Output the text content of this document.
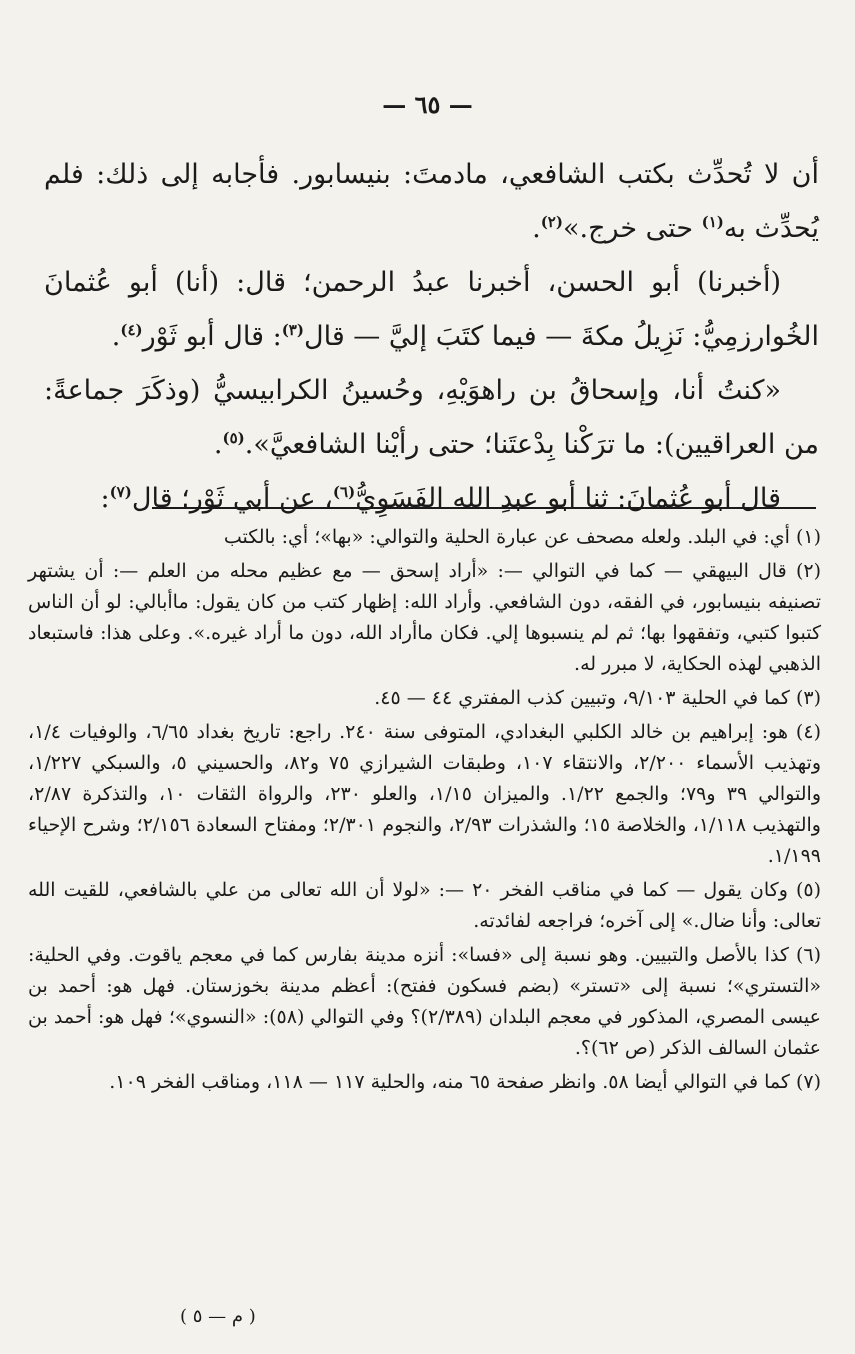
— ٦٥ —

أن لا تُحدِّث بكتب الشافعي، مادمتَ: بنيسابور. فأجابه إلى ذلك: فلم يُحدِّث به$^{(١)}$ حتى خرج.»$^{(٢)}$.

(أخبرنا) أبو الحسن، أخبرنا عبدُ الرحمن؛ قال: (أنا) أبو عُثمانَ الخُوارزمِيُّ: نَزِيلُ مكةَ — فيما كتَبَ إليَّ — قال$^{(٣)}$: قال أبو ثَوْر$^{(٤)}$.

«كنتُ أنا، وإسحاقُ بن راهوَيْهِ، وحُسينُ الكرابيسيُّ (وذكَرَ جماعةً: من العراقيين): ما ترَكْنا بِدْعتَنا؛ حتى رأيْنا الشافعيَّ».$^{(٥)}$.

قال أبو عُثمانَ: ثنا أبو عبدِ الله الفَسَوِيُّ$^{(٦)}$، عن أبي ثَوْر؛ قال$^{(٧)}$:

(١) أي: في البلد. ولعله مصحف عن عبارة الحلية والتوالي: «بها»؛ أي: بالكتب

(٢) قال البيهقي — كما في التوالي —: «أراد إسحق — مع عظيم محله من العلم —: أن يشتهر تصنيفه بنيسابور، في الفقه، دون الشافعي. وأراد الله: إظهار كتب من كان يقول: ماأبالي: لو أن الناس كتبوا كتبي، وتفقهوا بها؛ ثم لم ينسبوها إلي. فكان ماأراد الله، دون ما أراد غيره.». وعلى هذا: فاستبعاد الذهبي لهذه الحكاية، لا مبرر له.

(٣) كما في الحلية ٩/١٠٣، وتبيين كذب المفتري ٤٤ — ٤٥.

(٤) هو: إبراهيم بن خالد الكلبي البغدادي، المتوفى سنة ٢٤٠. راجع: تاريخ بغداد ٦/٦٥، والوفيات ١/٤، وتهذيب الأسماء ٢/٢٠٠، والانتقاء ١٠٧، وطبقات الشيرازي ٧٥ و٨٢، والحسيني ٥، والسبكي ١/٢٢٧، والتوالي ٣٩ و٧٩؛ والجمع ١/٢٢. والميزان ١/١٥، والعلو ٢٣٠، والرواة الثقات ١٠، والتذكرة ٢/٨٧، والتهذيب ١/١١٨، والخلاصة ١٥؛ والشذرات ٢/٩٣، والنجوم ٢/٣٠١؛ ومفتاح السعادة ٢/١٥٦؛ وشرح الإحياء ١/١٩٩.

(٥) وكان يقول — كما في مناقب الفخر ٢٠ —: «لولا أن الله تعالى من علي بالشافعي، للقيت الله تعالى: وأنا ضال.» إلى آخره؛ فراجعه لفائدته.

(٦) كذا بالأصل والتبيين. وهو نسبة إلى «فسا»: أنزه مدينة بفارس كما في معجم ياقوت. وفي الحلية: «التستري»؛ نسبة إلى «تستر» (بضم فسكون ففتح): أعظم مدينة بخوزستان. فهل هو: أحمد بن عيسى المصري، المذكور في معجم البلدان (٢/٣٨٩)؟ وفي التوالي (٥٨): «النسوي»؛ فهل هو: أحمد بن عثمان السالف الذكر (ص ٦٢)؟.

(٧) كما في التوالي أيضا ٥٨. وانظر صفحة ٦٥ منه، والحلية ١١٧ — ١١٨، ومناقب الفخر ١٠٩.

( م — ٥ )
